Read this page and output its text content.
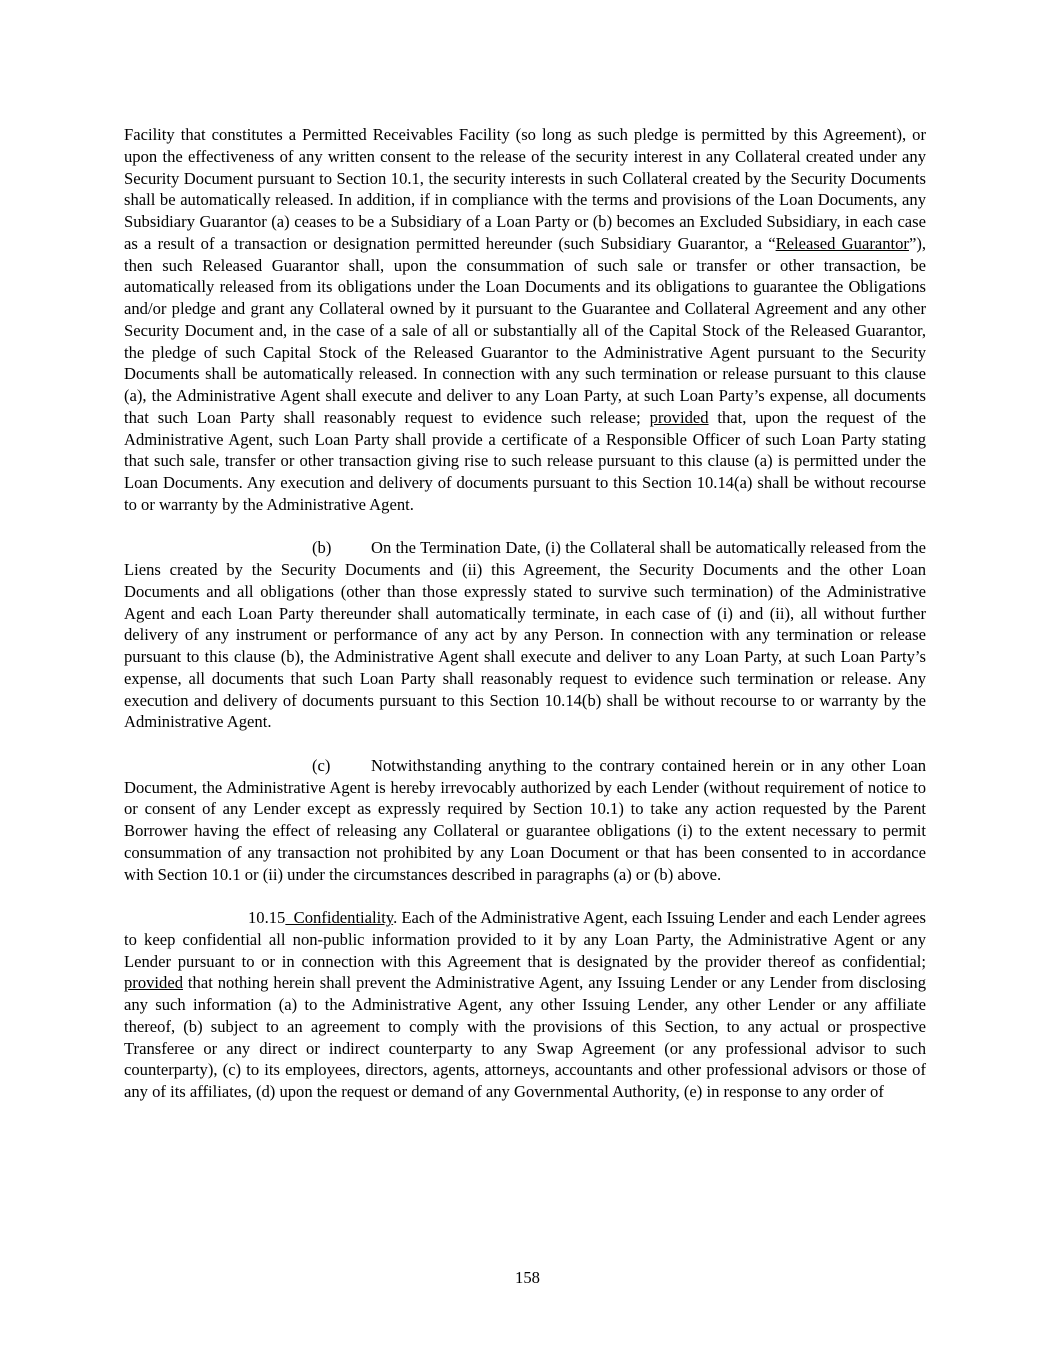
Facility that constitutes a Permitted Receivables Facility (so long as such pledge is permitted by this Agreement), or upon the effectiveness of any written consent to the release of the security interest in any Collateral created under any Security Document pursuant to Section 10.1, the security interests in such Collateral created by the Security Documents shall be automatically released. In addition, if in compliance with the terms and provisions of the Loan Documents, any Subsidiary Guarantor (a) ceases to be a Subsidiary of a Loan Party or (b) becomes an Excluded Subsidiary, in each case as a result of a transaction or designation permitted hereunder (such Subsidiary Guarantor, a “Released Guarantor”), then such Released Guarantor shall, upon the consummation of such sale or transfer or other transaction, be automatically released from its obligations under the Loan Documents and its obligations to guarantee the Obligations and/or pledge and grant any Collateral owned by it pursuant to the Guarantee and Collateral Agreement and any other Security Document and, in the case of a sale of all or substantially all of the Capital Stock of the Released Guarantor, the pledge of such Capital Stock of the Released Guarantor to the Administrative Agent pursuant to the Security Documents shall be automatically released. In connection with any such termination or release pursuant to this clause (a), the Administrative Agent shall execute and deliver to any Loan Party, at such Loan Party’s expense, all documents that such Loan Party shall reasonably request to evidence such release; provided that, upon the request of the Administrative Agent, such Loan Party shall provide a certificate of a Responsible Officer of such Loan Party stating that such sale, transfer or other transaction giving rise to such release pursuant to this clause (a) is permitted under the Loan Documents. Any execution and delivery of documents pursuant to this Section 10.14(a) shall be without recourse to or warranty by the Administrative Agent.

(b) On the Termination Date, (i) the Collateral shall be automatically released from the Liens created by the Security Documents and (ii) this Agreement, the Security Documents and the other Loan Documents and all obligations (other than those expressly stated to survive such termination) of the Administrative Agent and each Loan Party thereunder shall automatically terminate, in each case of (i) and (ii), all without further delivery of any instrument or performance of any act by any Person. In connection with any termination or release pursuant to this clause (b), the Administrative Agent shall execute and deliver to any Loan Party, at such Loan Party’s expense, all documents that such Loan Party shall reasonably request to evidence such termination or release. Any execution and delivery of documents pursuant to this Section 10.14(b) shall be without recourse to or warranty by the Administrative Agent.

(c) Notwithstanding anything to the contrary contained herein or in any other Loan Document, the Administrative Agent is hereby irrevocably authorized by each Lender (without requirement of notice to or consent of any Lender except as expressly required by Section 10.1) to take any action requested by the Parent Borrower having the effect of releasing any Collateral or guarantee obligations (i) to the extent necessary to permit consummation of any transaction not prohibited by any Loan Document or that has been consented to in accordance with Section 10.1 or (ii) under the circumstances described in paragraphs (a) or (b) above.

10.15  Confidentiality. Each of the Administrative Agent, each Issuing Lender and each Lender agrees to keep confidential all non-public information provided to it by any Loan Party, the Administrative Agent or any Lender pursuant to or in connection with this Agreement that is designated by the provider thereof as confidential; provided that nothing herein shall prevent the Administrative Agent, any Issuing Lender or any Lender from disclosing any such information (a) to the Administrative Agent, any other Issuing Lender, any other Lender or any affiliate thereof, (b) subject to an agreement to comply with the provisions of this Section, to any actual or prospective Transferee or any direct or indirect counterparty to any Swap Agreement (or any professional advisor to such counterparty), (c) to its employees, directors, agents, attorneys, accountants and other professional advisors or those of any of its affiliates, (d) upon the request or demand of any Governmental Authority, (e) in response to any order of

158
